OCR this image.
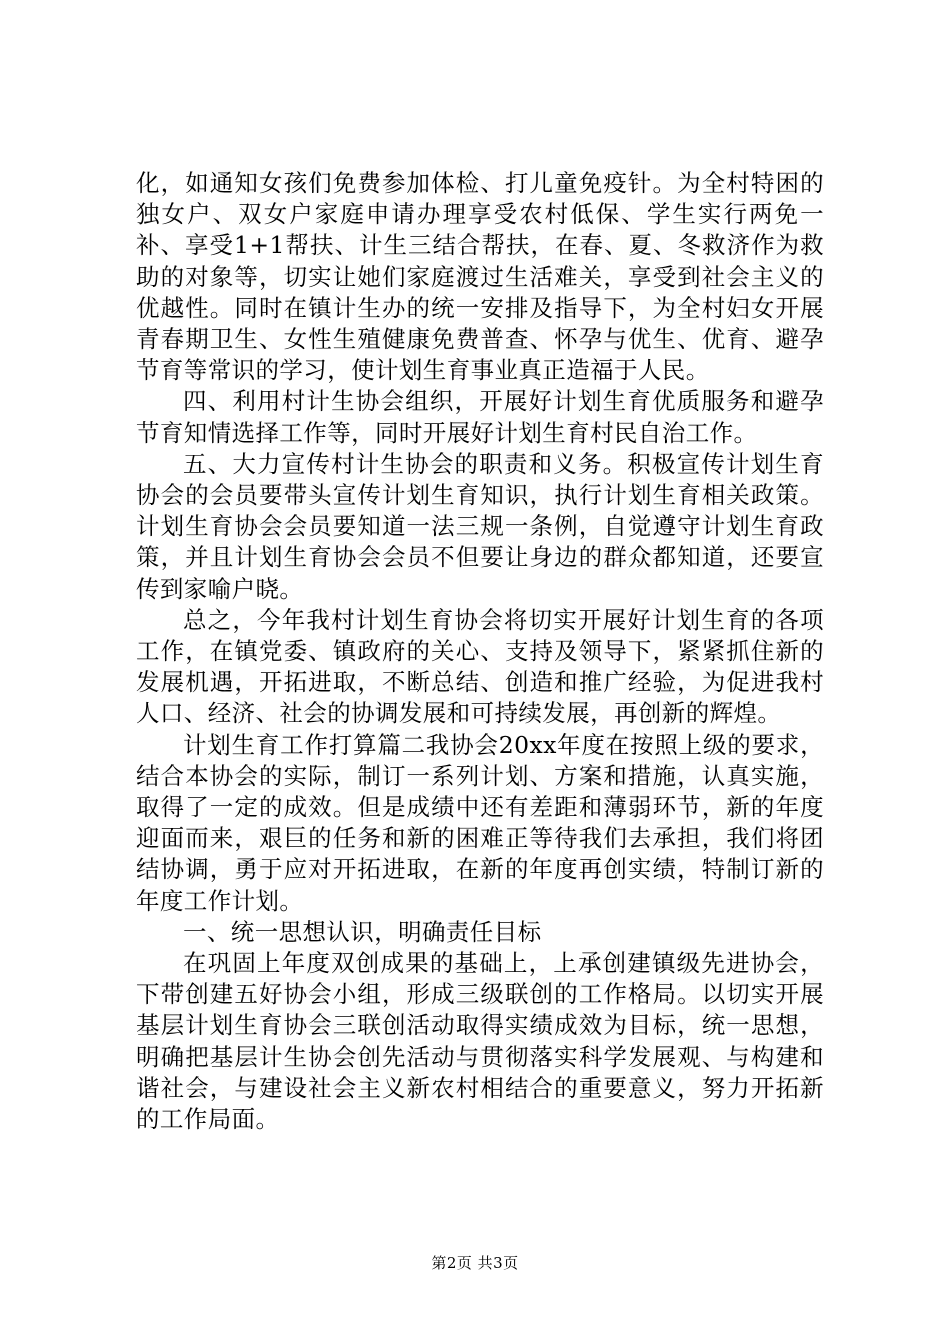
化，如通知女孩们免费参加体检、打儿童免疫针。为全村特困的独女户、双女户家庭申请办理享受农村低保、学生实行两免一补、享受1+1帮扶、计生三结合帮扶，在春、夏、冬救济作为救助的对象等，切实让她们家庭渡过生活难关，享受到社会主义的优越性。同时在镇计生办的统一安排及指导下，为全村妇女开展青春期卫生、女性生殖健康免费普查、怀孕与优生、优育、避孕节育等常识的学习，使计划生育事业真正造福于人民。

四、利用村计生协会组织，开展好计划生育优质服务和避孕节育知情选择工作等，同时开展好计划生育村民自治工作。

五、大力宣传村计生协会的职责和义务。积极宣传计划生育协会的会员要带头宣传计划生育知识，执行计划生育相关政策。计划生育协会会员要知道一法三规一条例，自觉遵守计划生育政策，并且计划生育协会会员不但要让身边的群众都知道，还要宣传到家喻户晓。

总之，今年我村计划生育协会将切实开展好计划生育的各项工作，在镇党委、镇政府的关心、支持及领导下，紧紧抓住新的发展机遇，开拓进取，不断总结、创造和推广经验，为促进我村人口、经济、社会的协调发展和可持续发展，再创新的辉煌。

计划生育工作打算篇二我协会20xx年度在按照上级的要求，结合本协会的实际，制订一系列计划、方案和措施，认真实施，取得了一定的成效。但是成绩中还有差距和薄弱环节，新的年度迎面而来，艰巨的任务和新的困难正等待我们去承担，我们将团结协调，勇于应对开拓进取，在新的年度再创实绩，特制订新的年度工作计划。

一、统一思想认识，明确责任目标

在巩固上年度双创成果的基础上，上承创建镇级先进协会，下带创建五好协会小组，形成三级联创的工作格局。以切实开展基层计划生育协会三联创活动取得实绩成效为目标，统一思想，明确把基层计生协会创先活动与贯彻落实科学发展观、与构建和谐社会，与建设社会主义新农村相结合的重要意义，努力开拓新的工作局面。

第2页 共3页
